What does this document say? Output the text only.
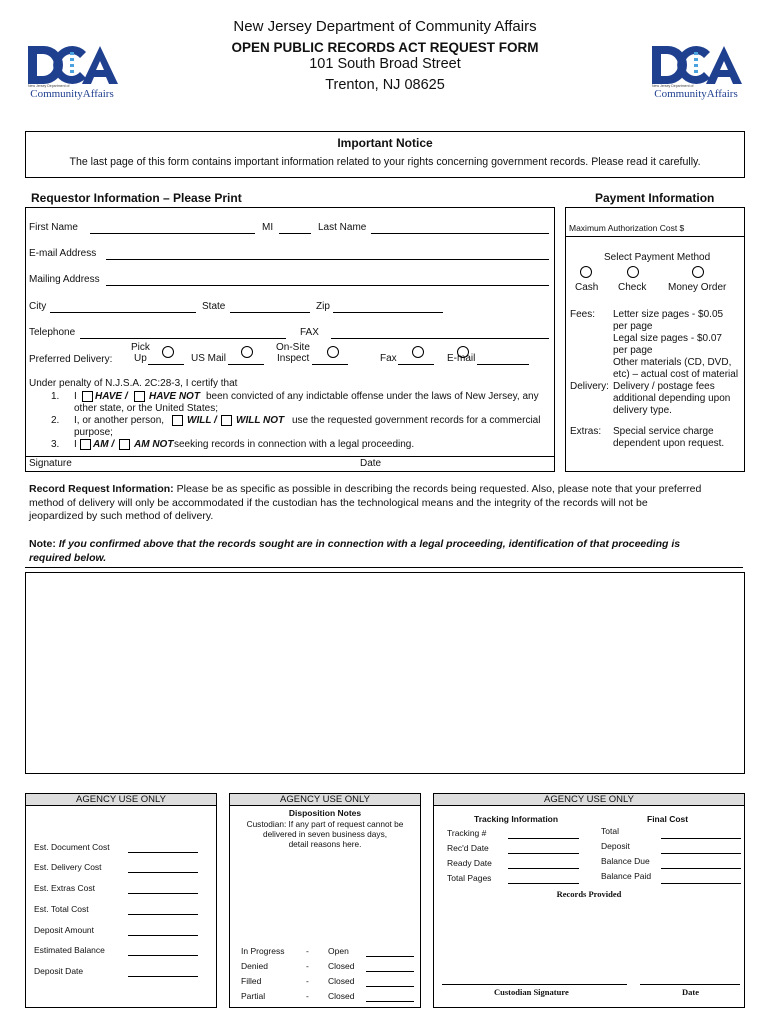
New Jersey Department of
CommunityAffairs
New Jersey Department of
CommunityAffairs
New Jersey Department of Community Affairs
OPEN PUBLIC RECORDS ACT REQUEST FORM
101 South Broad Street
Trenton, NJ 08625
Important Notice
The last page of this form contains important information related to your rights concerning government records. Please read it carefully.
Requestor Information – Please Print	Payment Information
First Name	MI	Last Name
E-mail Address
Mailing Address
City	State	Zip
Telephone	FAX
Preferred Delivery:
Pick
Up	US Mail
On-Site
Inspect	Fax	E-mail
Under penalty of N.J.S.A. 2C:28-3, I certify that
1. I HAVE / HAVE NOT been convicted of any indictable offense under the laws of New Jersey, any
other state, or the United States;
2. I, or another person, WILL / WILL NOT use the requested government records for a commercial
purpose;
3. I AM / AM NOT seeking records in connection with a legal proceeding.
Signature	Date
Maximum Authorization Cost $
Select Payment Method
Cash Check Money Order
Fees: Letter size pages - $0.05
per page
Legal size pages - $0.07
per page
Other materials (CD, DVD,
etc) – actual cost of material
Delivery: Delivery / postage fees
additional depending upon
delivery type.
Extras: Special service charge
dependent upon request.
Record Request Information: Please be as specific as possible in describing the records being requested. Also, please note that your preferred
method of delivery will only be accommodated if the custodian has the technological means and the integrity of the records will not be
jeopardized by such method of delivery.
Note: If you confirmed above that the records sought are in connection with a legal proceeding, identification of that proceeding is
required below.
AGENCY USE ONLY	AGENCY USE ONLY
Disposition Notes
Custodian: If any part of request cannot be
delivered in seven business days,
detail reasons here.
AGENCY USE ONLY
Tracking Information	Final Cost
Records Provided
Custodian Signature	Date
Est. Document Cost
Est. Delivery Cost
Est. Extras Cost
Est. Total Cost
Deposit Amount
Estimated Balance
Deposit Date
In Progress	- Open
Denied	- Closed
Filled	- Closed
Partial	- Closed
Tracking #
Rec'd Date
Ready Date
Total Pages
Total
Deposit
Balance Due
Balance Paid
